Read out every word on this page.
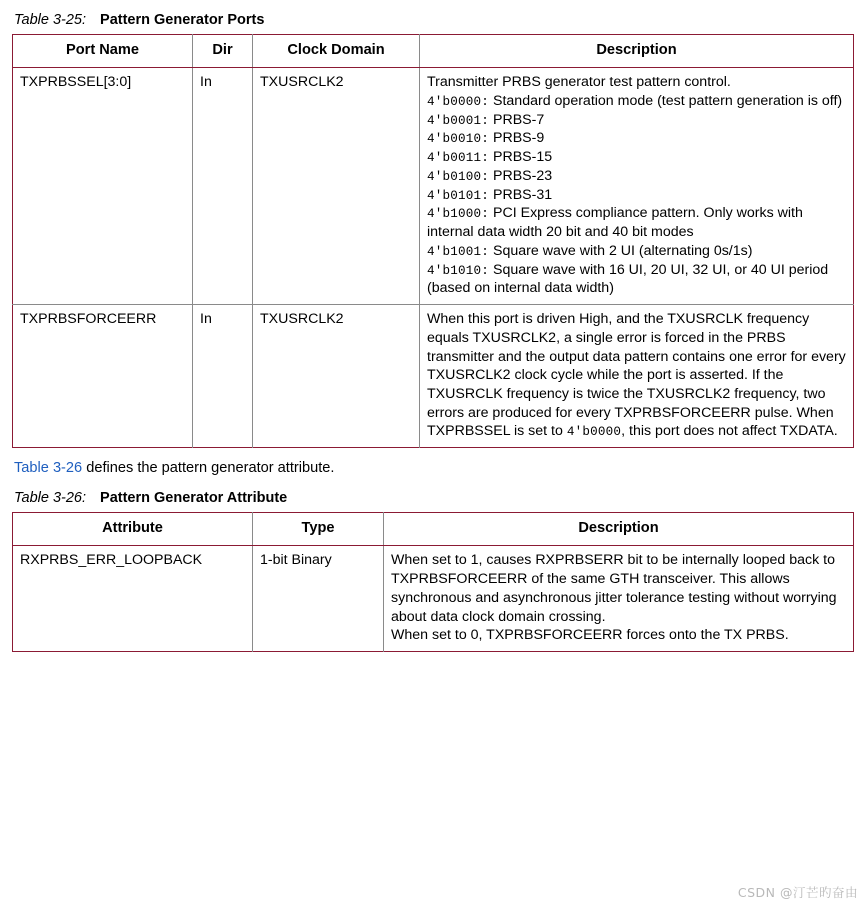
Table 3-25: Pattern Generator Ports
Port Name	Dir	Clock Domain	Description
TXPRBSSEL[3:0]	In	TXUSRCLK2	Transmitter PRBS generator test pattern control.

4'b0000: Standard operation mode (test pattern generation is off)

4'b0001: PRBS-7

4'b0010: PRBS-9

4'b0011: PRBS-15

4'b0100: PRBS-23

4'b0101: PRBS-31

4'b1000: PCI Express compliance pattern. Only works with internal data width 20 bit and 40 bit modes

4'b1001: Square wave with 2 UI (alternating 0s/1s)

4'b1010: Square wave with 16 UI, 20 UI, 32 UI, or 40 UI period (based on internal data width)

TXPRBSFORCEERR	In	TXUSRCLK2	When this port is driven High, and the TXUSRCLK frequency equals TXUSRCLK2, a single error is forced in the PRBS transmitter and the output data pattern contains one error for every TXUSRCLK2 clock cycle while the port is asserted. If the TXUSRCLK frequency is twice the TXUSRCLK2 frequency, two errors are produced for every TXPRBSFORCEERR pulse. When TXPRBSSEL is set to 4'b0000, this port does not affect TXDATA.

Table 3-26 defines the pattern generator attribute.

Table 3-26: Pattern Generator Attribute
Attribute	Type	Description
RXPRBS_ERR_LOOPBACK	1-bit Binary	When set to 1, causes RXPRBSERR bit to be internally looped back to TXPRBSFORCEERR of the same GTH transceiver. This allows synchronous and asynchronous jitter tolerance testing without worrying about data clock domain crossing.

When set to 0, TXPRBSFORCEERR forces onto the TX PRBS.

CSDN @汀芒旳奋由
